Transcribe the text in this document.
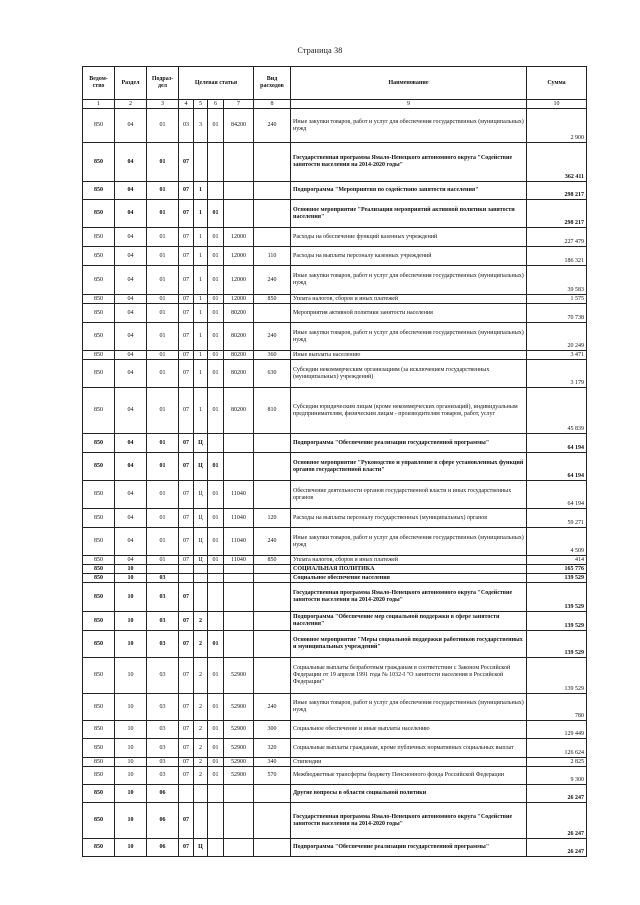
Страница 38
Ведом-ство	Раздел	Подраз-дел	Целевая статья				Вид расходов	Наименование	Сумма

1	2	3	4	5	6	7	8	9	10
850	04	01	03	3	01	84200	240	Иные закупки товаров, работ и услуг для обеспечения государственных (муниципальных) нужд	2 900
850	04	01	07					Государственная программа Ямало-Ненецкого автономного округа "Содействие занятости населения на 2014-2020 годы"	362 411
850	04	01	07	1				Подпрограмма "Мероприятия по содействию занятости населения"	298 217
850	04	01	07	1	01			Основное мероприятие "Реализация мероприятий активной политики занятости населения"	298 217
850	04	01	07	1	01	12000		Расходы на обеспечение функций казенных учреждений	227 479
850	04	01	07	1	01	12000	110	Расходы на выплаты персоналу казенных учреждений	186 321
850	04	01	07	1	01	12000	240	Иные закупки товаров, работ и услуг для обеспечения государственных (муниципальных) нужд	39 583
850	04	01	07	1	01	12000	850	Уплата налогов, сборов и иных платежей	1 575
850	04	01	07	1	01	80200		Мероприятия активной политики занятости населения	70 738
850	04	01	07	1	01	80200	240	Иные закупки товаров, работ и услуг для обеспечения государственных (муниципальных) нужд	20 249
850	04	01	07	1	01	80200	360	Иные выплаты населению	3 471
850	04	01	07	1	01	80200	630	Субсидии некоммерческим организациям (за исключением государственных (муниципальных) учреждений)	3 179
850	04	01	07	1	01	80200	810	Субсидии юридическим лицам (кроме некоммерческих организаций), индивидуальным предпринимателям, физическим лицам - производителям товаров, работ, услуг	45 839
850	04	01	07	Ц				Подпрограмма "Обеспечение реализации государственной программы"	64 194
850	04	01	07	Ц	01			Основное мероприятие "Руководство и управление в сфере установленных функций органов государственной власти"	64 194
850	04	01	07	Ц	01	11040		Обеспечение деятельности органов государственной власти и иных государственных органов	64 194
850	04	01	07	Ц	01	11040	120	Расходы на выплаты персоналу государственных (муниципальных) органов	59 271
850	04	01	07	Ц	01	11040	240	Иные закупки товаров, работ и услуг для обеспечения государственных (муниципальных) нужд	4 509
850	04	01	07	Ц	01	11040	850	Уплата налогов, сборов и иных платежей	414
850	10							СОЦИАЛЬНАЯ ПОЛИТИКА	165 776
850	10	03						Социальное обеспечение населения	139 529
850	10	03	07					Государственная программа Ямало-Ненецкого автономного округа "Содействие занятости населения на 2014-2020 годы"	139 529
850	10	03	07	2				Подпрограмма "Обеспечение мер социальной поддержки в сфере занятости населения"	139 529
850	10	03	07	2	01			Основное мероприятие "Меры социальной поддержки работников государственных и муниципальных учреждений"	139 529
850	10	03	07	2	01	52900		Социальные выплаты безработным гражданам в соответствии с Законом Российской Федерации от 19 апреля 1991 года № 1032-I "О занятости населения в Российской Федерации"	139 529
850	10	03	07	2	01	52900	240	Иные закупки товаров, работ и услуг для обеспечения государственных (муниципальных) нужд	780
850	10	03	07	2	01	52900	300	Социальное обеспечение и иные выплаты населению	129 449
850	10	03	07	2	01	52900	320	Социальные выплаты гражданам, кроме публичных нормативных социальных выплат	126 624
850	10	03	07	2	01	52900	340	Стипендии	2 825
850	10	03	07	2	01	52900	570	Межбюджетные трансферты бюджету Пенсионного фонда Российской Федерации	9 300
850	10	06						Другие вопросы в области социальной политики	26 247
850	10	06	07					Государственная программа Ямало-Ненецкого автономного округа "Содействие занятости населения на 2014-2020 годы"	26 247
850	10	06	07	Ц				Подпрограмма "Обеспечение реализации государственной программы"	26 247
